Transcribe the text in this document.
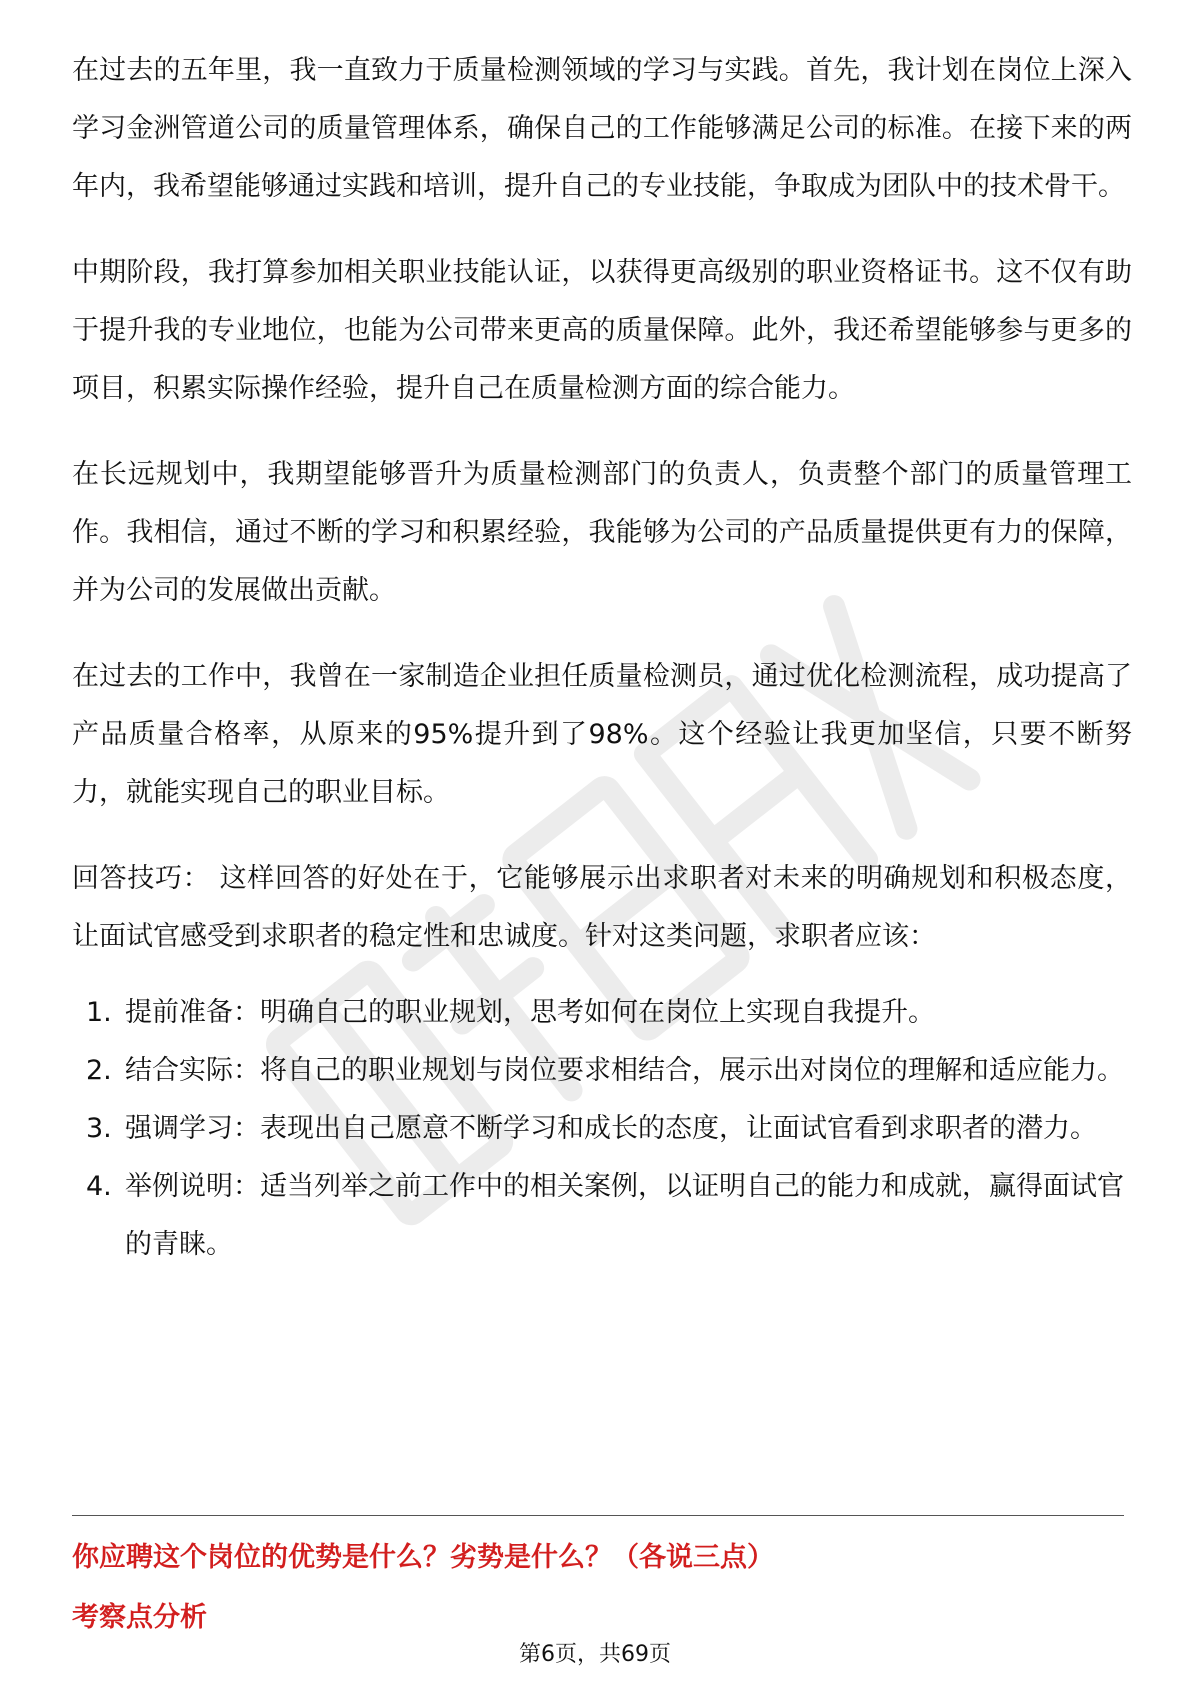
在过去的五年里，我一直致力于质量检测领域的学习与实践。首先，我计划在岗位上深入学习金洲管道公司的质量管理体系，确保自己的工作能够满足公司的标准。在接下来的两年内，我希望能够通过实践和培训，提升自己的专业技能，争取成为团队中的技术骨干。

中期阶段，我打算参加相关职业技能认证，以获得更高级别的职业资格证书。这不仅有助于提升我的专业地位，也能为公司带来更高的质量保障。此外，我还希望能够参与更多的项目，积累实际操作经验，提升自己在质量检测方面的综合能力。

在长远规划中，我期望能够晋升为质量检测部门的负责人，负责整个部门的质量管理工作。我相信，通过不断的学习和积累经验，我能够为公司的产品质量提供更有力的保障，并为公司的发展做出贡献。

在过去的工作中，我曾在一家制造企业担任质量检测员，通过优化检测流程，成功提高了产品质量合格率，从原来的95%提升到了98%。这个经验让我更加坚信，只要不断努力，就能实现自己的职业目标。

回答技巧： 这样回答的好处在于，它能够展示出求职者对未来的明确规划和积极态度，让面试官感受到求职者的稳定性和忠诚度。针对这类问题，求职者应该：

1. 提前准备：明确自己的职业规划，思考如何在岗位上实现自我提升。
2. 结合实际：将自己的职业规划与岗位要求相结合，展示出对岗位的理解和适应能力。
3. 强调学习：表现出自己愿意不断学习和成长的态度，让面试官看到求职者的潜力。
4. 举例说明：适当列举之前工作中的相关案例，以证明自己的能力和成就，赢得面试官的青睐。
你应聘这个岗位的优势是什么？劣势是什么？（各说三点）
考察点分析
第6页，共69页
